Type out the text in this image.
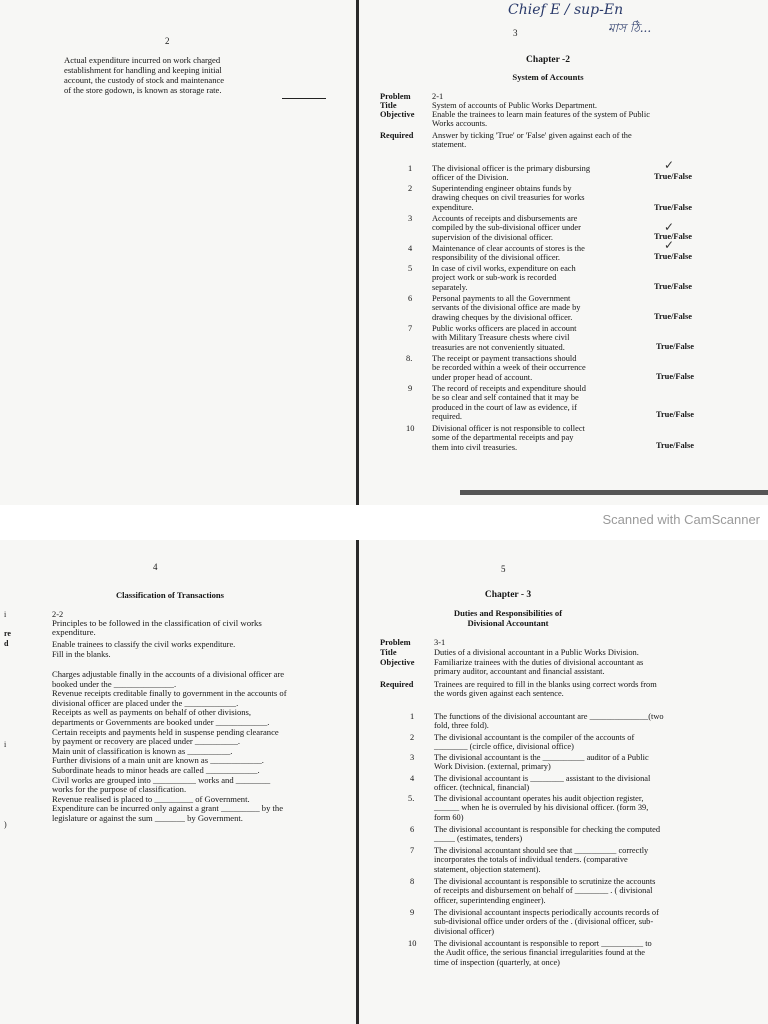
2
Actual expenditure incurred on work charged
establishment for handling and keeping initial
account, the custody of stock and maintenance
of the store godown, is known as storage rate.
Chief E / sup-En
মাস ঠি...
3
Chapter -2
System of Accounts
Problem	2-1
Title	System of accounts of Public Works Department.
Objective Enable the trainees to learn main features of the system of Public
Works accounts.
Required Answer by ticking 'True' or 'False' given against each of the
statement.
1 The divisional officer is the primary disbursing
officer of the Division.	True/False
2 Superintending engineer obtains funds by
drawing cheques on civil treasuries for works
expenditure.	True/False
3 Accounts of receipts and disbursements are
compiled by the sub-divisional officer under
supervision of the divisional officer.	True/False
4 Maintenance of clear accounts of stores is the
responsibility of the divisional officer.	True/False
5 In case of civil works, expenditure on each
project work or sub-work is recorded
separately.	True/False
6 Personal payments to all the Government
servants of the divisional office are made by
drawing cheques by the divisional officer.	True/False
7 Public works officers are placed in account
with Military Treasure chests where civil
treasuries are not conveniently situated.	True/False
8. The receipt or payment transactions should
be recorded within a week of their occurrence
under proper head of account.	True/False
9 The record of receipts and expenditure should
be so clear and self contained that it may be
produced in the court of law as evidence, if
required.	True/False
10 Divisional officer is not responsible to collect
some of the departmental receipts and pay
them into civil treasuries.	True/False
✓
✓
✓
4
Classification of Transactions
i
re
d
i
)
2-2
Principles to be followed in the classification of civil works
expenditure.
Enable trainees to classify the civil works expenditure.
Fill in the blanks.
Charges adjustable finally in the accounts of a divisional officer are
booked under the ______________.
Revenue receipts creditable finally to government in the accounts of
divisional officer are placed under the ____________.
Receipts as well as payments on behalf of other divisions,
departments or Governments are booked under ____________.
Certain receipts and payments held in suspense pending clearance
by payment or recovery are placed under __________.
Main unit of classification is known as __________.
Further divisions of a main unit are known as ____________.
Subordinate heads to minor heads are called ____________.
Civil works are grouped into __________ works and ________
works for the purpose of classification.
Revenue realised is placed to _________ of Government.
Expenditure can be incurred only against a grant _________ by the
legislature or against the sum _______ by Government.
5
Chapter - 3
Duties and Responsibilities of
Divisional Accountant
Problem	3-1
Title	Duties of a divisional accountant in a Public Works Division.
Objective Familiarize trainees with the duties of divisional accountant as
primary auditor, accountant and financial assistant.
Required Trainees are required to fill in the blanks using correct words from
the words given against each sentence.
1 The functions of the divisional accountant are ______________(two
fold, three fold).
2 The divisional accountant is the compiler of the accounts of
________ (circle office, divisional office)
3 The divisional accountant is the __________ auditor of a Public
Work Division. (external, primary)
4 The divisional accountant is ________ assistant to the divisional
officer. (technical, financial)
5. The divisional accountant operates his audit objection register,
______ when he is overruled by his divisional officer. (form 39,
form 60)
6 The divisional accountant is responsible for checking the computed
_____ (estimates, tenders)
7 The divisional accountant should see that __________ correctly
incorporates the totals of individual tenders. (comparative
statement, objection statement).
8 The divisional accountant is responsible to scrutinize the accounts
of receipts and disbursement on behalf of ________ . ( divisional
officer, superintending engineer).
9 The divisional accountant inspects periodically accounts records of
sub-divisional office under orders of the . (divisional officer, sub-
divisional officer)
10 The divisional accountant is responsible to report __________ to
the Audit office, the serious financial irregularities found at the
time of inspection (quarterly, at once)
Scanned with CamScanner
